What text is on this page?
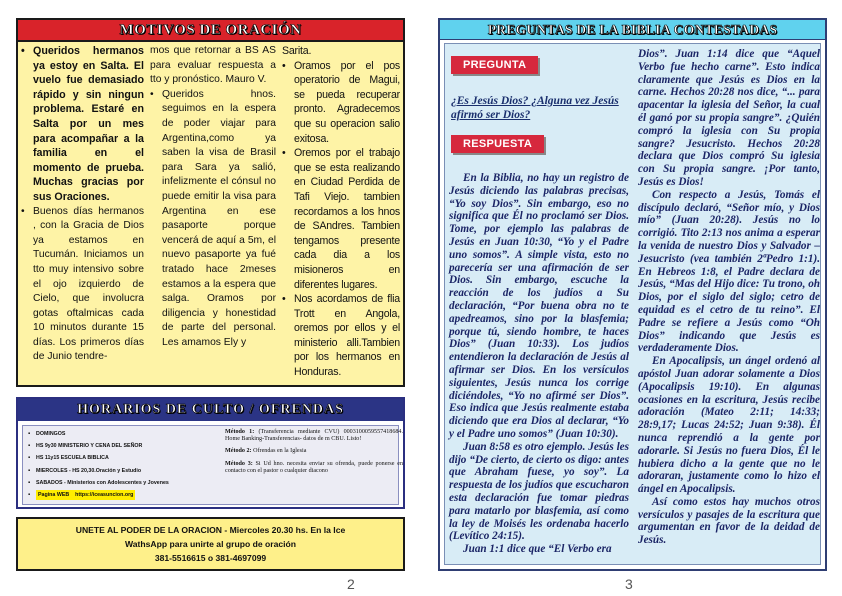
MOTIVOS DE ORACIÓN

• Queridos hermanos ya estoy en Salta. El vuelo fue demasiado rápido y sin ningun problema. Estaré en Salta por un mes para acompañar a la familia en el momento de prueba. Muchas gracias por sus Oraciones.

• Buenos días hermanos , con la Gracia de Dios ya estamos en Tucumán. Iniciamos un tto muy intensivo sobre el ojo izquierdo de Cielo, que involucra gotas oftalmicas cada 10 minutos durante 15 días. Los primeros días de Junio tendre-

mos que retornar a BS AS para evaluar respuesta a tto y pronóstico. Mauro V.

• Queridos hnos. seguimos en la espera de poder viajar para Argentina,como ya saben la visa de Brasil para Sara ya salió, infelizmente el cónsul no puede emitir la visa para Argentina en ese pasaporte porque vencerá de aquí a 5m, el nuevo pasaporte ya fué tratado hace 2meses estamos a la espera que salga. Oramos por diligencia y honestidad de parte del personal. Les amamos Ely y

Sarita.

• Oramos por el pos operatorio de Magui, se pueda recuperar pronto. Agradecemos que su operacion salio exitosa.

• Oremos por el trabajo que se esta realizando en Ciudad Perdida de Tafi Viejo. tambien recordamos a los hnos de SAndres. Tambien tengamos presente cada dia a los misioneros en diferentes lugares.

• Nos acordamos de flia Trott en Angola, oremos por ellos y el ministerio alli.Tambien por los hermanos en Honduras.

HORARIOS DE CULTO / OFRENDAS
▪ DOMINGOS
▪ HS 9y30 MINISTERIO Y CENA DEL SEÑOR
▪ HS 11y15 ESCUELA BIBLICA
▪ MIERCOLES - HS 20,30.Oración y Estudio
▪ SABADOS - Ministerios con Adolescentes y Jovenes
▪ Pagina WEB https://iceasuncion.org

Método 1: (Transferencia mediante CVU) 0003100059557418684. Home Banking-Transferencias- datos de m CBU. Listo!

Método 2: Ofrendas en la Iglesia

Método 3: Si Ud hno. necesita enviar su ofrenda, puede ponerse en contacto con el pastor o cualquier diacono

UNETE AL PODER DE LA ORACION - Miercoles 20.30 hs. En la Ice
WathsApp para unirte al grupo de oración
381-5516615 o 381-4697099
2
PREGUNTAS DE LA BIBLIA CONTESTADAS
PREGUNTA
¿Es Jesús Dios? ¿Alguna vez Jesús afirmó ser Dios?
RESPUESTA

En la Biblia, no hay un registro de Jesús diciendo las palabras precisas, “Yo soy Dios”. Sin embargo, eso no significa que Él no proclamó ser Dios. Tome, por ejemplo las palabras de Jesús en Juan 10:30, “Yo y el Padre uno somos”. A simple vista, esto no parecería ser una afirmación de ser Dios. Sin embargo, escuche la reacción de los judíos a Su declaración, “Por buena obra no te apedreamos, sino por la blasfemia; porque tú, siendo hombre, te haces Dios” (Juan 10:33). Los judíos entendieron la declaración de Jesús al afirmar ser Dios. En los versículos siguientes, Jesús nunca los corrige diciéndoles, “Yo no afirmé ser Dios”. Eso indica que Jesús realmente estaba diciendo que era Dios al declarar, “Yo y el Padre uno somos” (Juan 10:30).

Juan 8:58 es otro ejemplo. Jesús les dijo “De cierto, de cierto os digo: antes que Abraham fuese, yo soy”. La respuesta de los judíos que escucharon esta declaración fue tomar piedras para matarlo por blasfemia, así como la ley de Moisés les ordenaba hacerlo (Levítico 24:15).

Juan 1:1 dice que “El Verbo era

Dios”. Juan 1:14 dice que “Aquel Verbo fue hecho carne”. Esto indica claramente que Jesús es Dios en la carne. Hechos 20:28 nos dice, “... para apacentar la iglesia del Señor, la cual él ganó por su propia sangre”. ¿Quién compró la iglesia con Su propia sangre? Jesucristo. Hechos 20:28 declara que Dios compró Su iglesia con Su propia sangre. ¡Por tanto, Jesús es Dios!

Con respecto a Jesús, Tomás el discípulo declaró, “Señor mío, y Dios mío” (Juan 20:28). Jesús no lo corrigió. Tito 2:13 nos anima a esperar la venida de nuestro Dios y Salvador – Jesucristo (vea también 2ªPedro 1:1). En Hebreos 1:8, el Padre declara de Jesús, “Mas del Hijo dice: Tu trono, oh Dios, por el siglo del siglo; cetro de equidad es el cetro de tu reino”. El Padre se refiere a Jesús como “Oh Dios” indicando que Jesús es verdaderamente Dios.

En Apocalipsis, un ángel ordenó al apóstol Juan adorar solamente a Dios (Apocalipsis 19:10). En algunas ocasiones en la escritura, Jesús recibe adoración (Mateo 2:11; 14:33; 28:9,17; Lucas 24:52; Juan 9:38). Él nunca reprendió a la gente por adorarle. Si Jesús no fuera Dios, Él le hubiera dicho a la gente que no le adoraran, justamente como lo hizo el ángel en Apocalipsis.

Así como estos hay muchos otros versículos y pasajes de la escritura que argumentan en favor de la deidad de Jesús.

3
